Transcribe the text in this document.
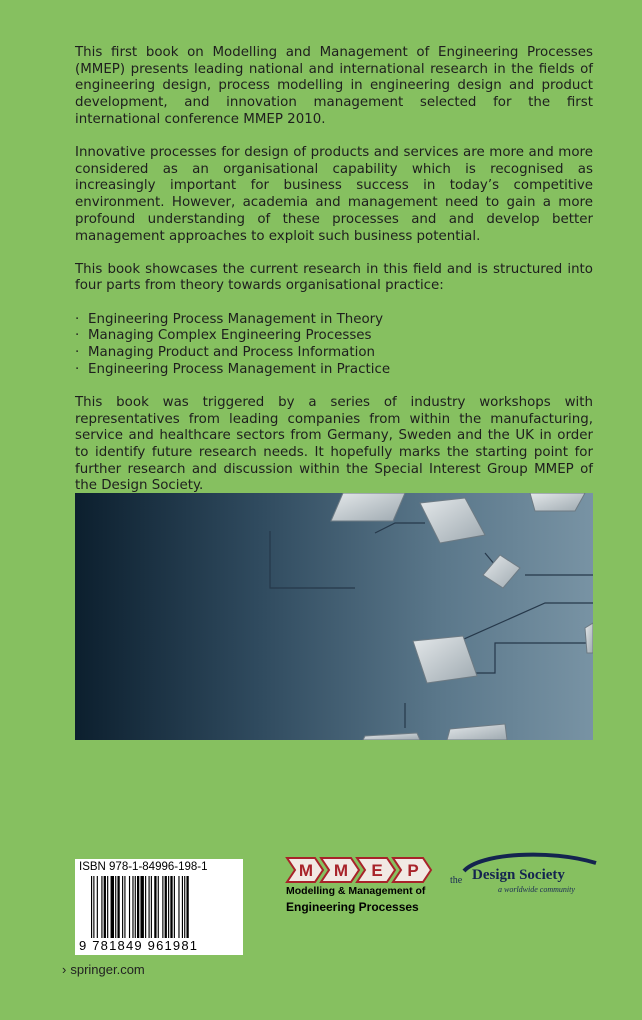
This first book on Modelling and Management of Engineering Processes (MMEP) presents leading national and international research in the fields of engineering design, process modelling in engineering design and product development, and innovation management selected for the first international conference MMEP 2010.

Innovative processes for design of products and services are more and more considered as an organisational capability which is recognised as increasingly important for business success in today’s competitive environment. However, academia and management need to gain a more profound understanding of these processes and and develop better management approaches to exploit such business potential.

This book showcases the current research in this field and is structured into four parts from theory towards organisational practice:

· Engineering Process Management in Theory
· Managing Complex Engineering Processes
· Managing Product and Process Information
· Engineering Process Management in Practice

This book was triggered by a series of industry workshops with representatives from leading companies from within the manufacturing, service and healthcare sectors from Germany, Sweden and the UK in order to identify future research needs. It hopefully marks the starting point for further research and discussion within the Special Interest Group MMEP of the Design Society.

ISBN 978-1-84996-198-1
9 781849 961981
› springer.com
M M E P
Modelling & Management of
Engineering Processes
the Design Society
a worldwide community
